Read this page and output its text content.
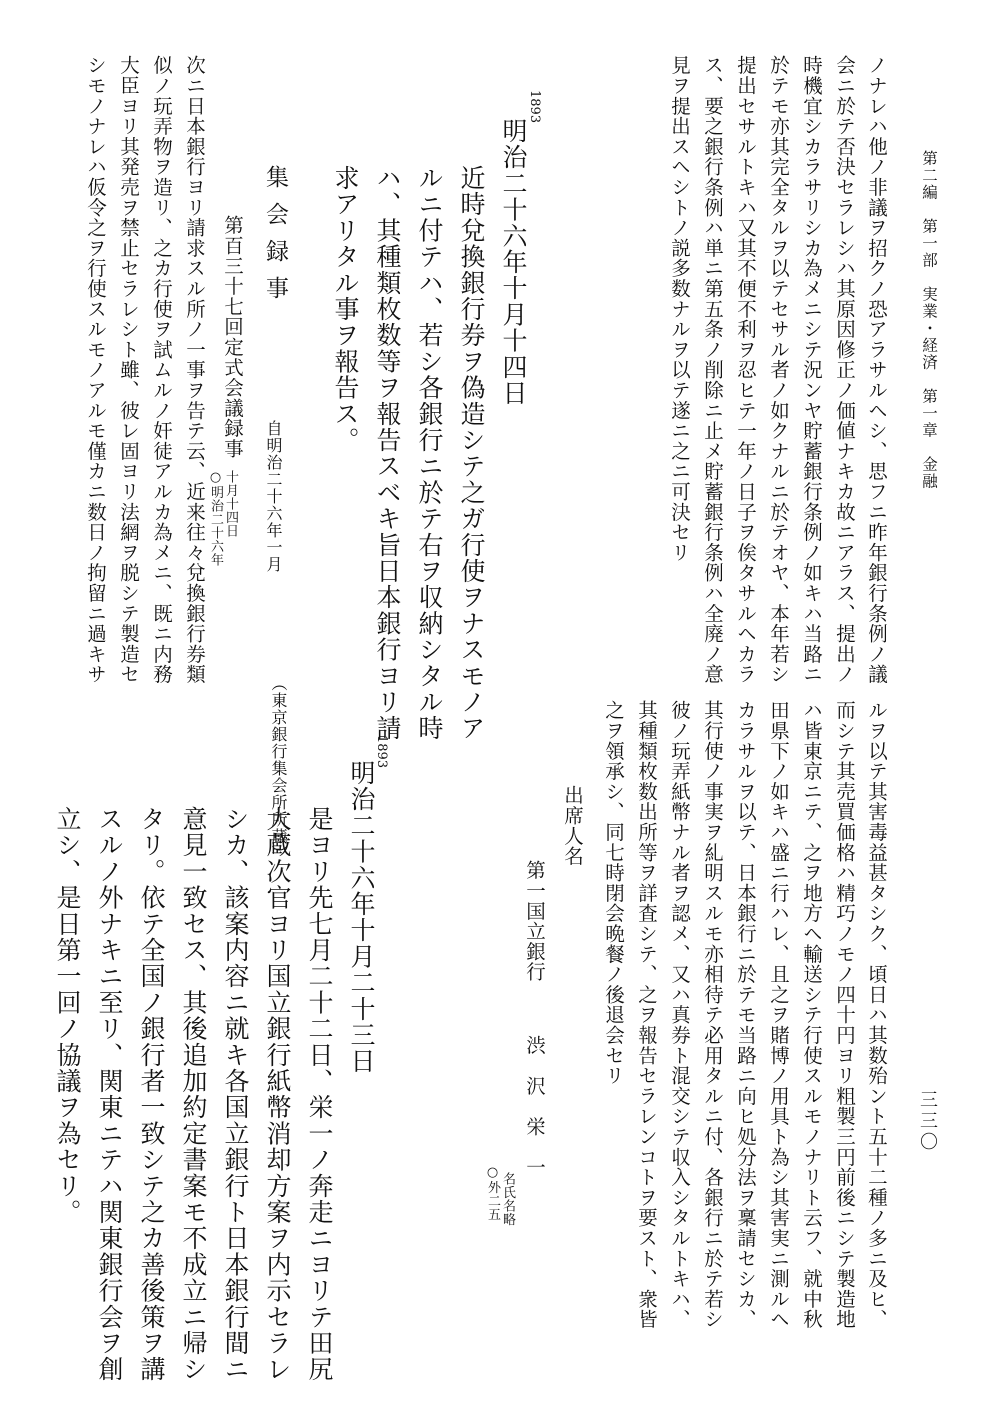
第二編　第一部　実業・経済　第一章　金融
三三〇
ノナレハ他ノ非議ヲ招クノ恐アラサルヘシ、思フニ昨年銀行条例ノ議
会ニ於テ否決セラレシハ其原因修正ノ価値ナキカ故ニアラス、提出ノ
時機宜シカラサリシカ為メニシテ況ンヤ貯蓄銀行条例ノ如キハ当路ニ
於テモ亦其完全タルヲ以テセサル者ノ如クナルニ於テオヤ、本年若シ
提出セサルトキハ又其不便不利ヲ忍ヒテ一年ノ日子ヲ俟タサルヘカラ
ス、要之銀行条例ハ単ニ第五条ノ削除ニ止メ貯蓄銀行条例ハ全廃ノ意
見ヲ提出スヘシトノ説多数ナルヲ以テ遂ニ之ニ可決セリ
1893
明治二十六年十月十四日
近時兌換銀行券ヲ偽造シテ之ガ行使ヲナスモノア
ルニ付テハ、若シ各銀行ニ於テ右ヲ収納シタル時
ハ、其種類枚数等ヲ報告スベキ旨日本銀行ヨリ請
求アリタル事ヲ報告ス。
集会録事
自明治二十六年一月
（東京銀行集会所所蔵）
第百三十七回定式会議録事
○明治二十六年 十月十四日
次ニ日本銀行ヨリ請求スル所ノ一事ヲ告テ云、近来往々兌換銀行券類
似ノ玩弄物ヲ造リ、之カ行使ヲ試ムルノ奸徒アルカ為メニ、既ニ内務
大臣ヨリ其発売ヲ禁止セラレシト雖、彼レ固ヨリ法網ヲ脱シテ製造セ
シモノナレハ仮令之ヲ行使スルモノアルモ僅カニ数日ノ拘留ニ過キサ
ルヲ以テ其害毒益甚タシク、頃日ハ其数殆ント五十二種ノ多ニ及ヒ、
而シテ其売買価格ハ精巧ノモノ四十円ヨリ粗製三円前後ニシテ製造地
ハ皆東京ニテ、之ヲ地方ヘ輸送シテ行使スルモノナリト云フ、就中秋
田県下ノ如キハ盛ニ行ハレ、且之ヲ賭博ノ用具ト為シ其害実ニ測ルヘ
カラサルヲ以テ、日本銀行ニ於テモ当路ニ向ヒ処分法ヲ稟請セシカ、
其行使ノ事実ヲ糺明スルモ亦相待テ必用タルニ付、各銀行ニ於テ若シ
彼ノ玩弄紙幣ナル者ヲ認メ、又ハ真券ト混交シテ収入シタルトキハ、
其種類枚数出所等ヲ詳査シテ、之ヲ報告セラレンコトヲ要スト、衆皆
之ヲ領承シ、同七時閉会晩餐ノ後退会セリ
出席人名
第一国立銀行
渋　沢　栄　一
○外二五 名氏名略
1893
明治二十六年十月二十三日
是ヨリ先七月二十二日、栄一ノ奔走ニヨリテ田尻
大蔵次官ヨリ国立銀行紙幣消却方案ヲ内示セラレ
シカ、該案内容ニ就キ各国立銀行ト日本銀行間ニ
意見一致セス、其後追加約定書案モ不成立ニ帰シ
タリ。依テ全国ノ銀行者一致シテ之カ善後策ヲ講
スルノ外ナキニ至リ、関東ニテハ関東銀行会ヲ創
立シ、是日第一回ノ協議ヲ為セリ。
